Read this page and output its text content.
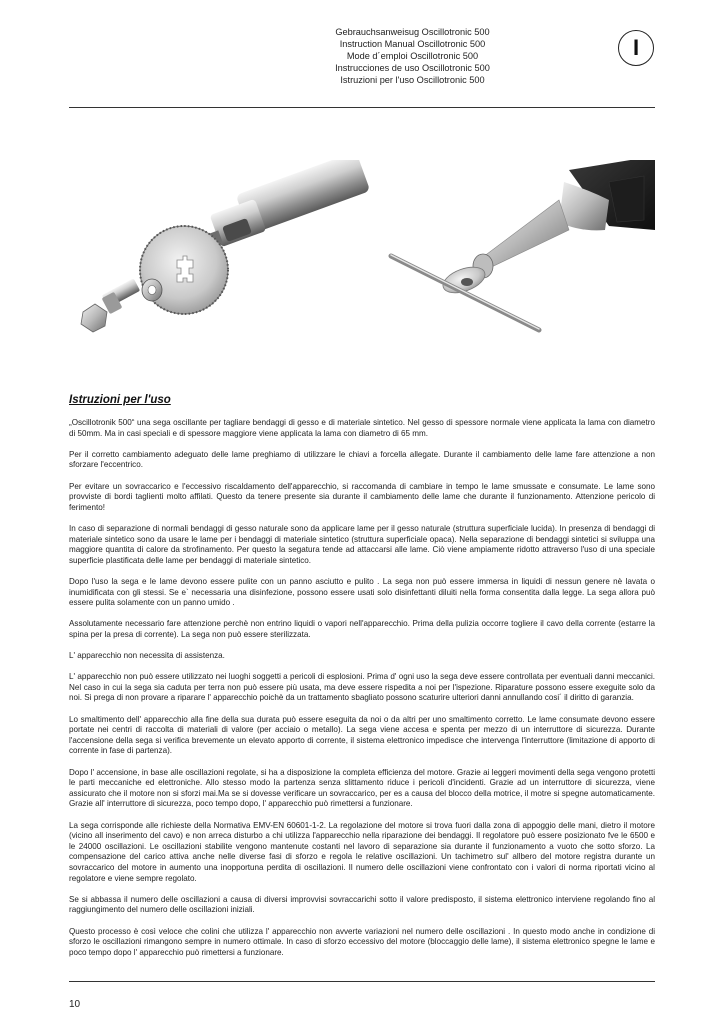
Gebrauchsanweisug Oscillotronic 500
Instruction Manual Oscillotronic 500
Mode d´emploi Oscillotronic 500
Instrucciones de uso Oscillotronic 500
Istruzioni per l'uso Oscillotronic 500
I
Istruzioni per l'uso

„Oscillotronik 500“ una sega oscillante per tagliare bendaggi di gesso e di materiale sintetico. Nel gesso di spessore normale viene applicata la lama con diametro di 50mm. Ma in casi speciali e di spessore maggiore viene applicata la lama con diametro di 65 mm.

Per il corretto cambiamento adeguato delle lame preghiamo di utilizzare le chiavi a forcella allegate. Durante il cambiamento delle lame fare attenzione a non sforzare l'eccentrico.

Per evitare un sovraccarico e l'eccessivo riscaldamento dell'apparecchio, si raccomanda di cambiare in tempo le lame smussate e consumate. Le lame sono provviste di bordi taglienti molto affilati. Questo da tenere presente sia durante il cambiamento delle lame che durante il funzionamento. Attenzione pericolo di ferimento!

In caso di separazione di normali bendaggi di gesso naturale sono da applicare lame per il gesso naturale (struttura superficiale lucida). In presenza di bendaggi di materiale sintetico sono da usare le lame per i bendaggi di materiale sintetico (struttura superficiale opaca). Nella separazione di bendaggi sintetici si sviluppa una maggiore quantita di calore da strofinamento. Per questo la segatura tende ad attaccarsi alle lame. Ciò viene ampiamente ridotto attraverso l'uso di una speciale superficie plastificata delle lame per bendaggi di materiale sintetico.

Dopo l'uso la sega e le lame devono essere pulite con un panno asciutto e pulito . La sega non può essere immersa in liquidi di nessun genere nè lavata o inumidificata con gli stessi. Se e` necessaria una disinfezione, possono essere usati solo disinfettanti diluiti nella forma consentita dalla legge. La sega allora può essere pulita solamente con un panno umido .

Assolutamente necessario fare attenzione perchè non entrino liquidi o vapori nell'apparecchio. Prima della pulizia occorre togliere il cavo della corrente (estarre la spina per la presa di corrente). La sega non può essere sterilizzata.

L' apparecchio non necessita di assistenza.

L' apparecchio non può essere utilizzato nei luoghi soggetti a pericoli di esplosioni. Prima d' ogni uso la sega deve essere controllata per eventuali danni meccanici. Nel caso in cui la sega sia caduta per terra non può essere più usata, ma deve essere rispedita a noi per l'ispezione. Riparature possono essere exeguite solo da noi. Si prega di non provare a riparare l' apparecchio poichè da un trattamento sbagliato possono scaturire ulteriori danni annullando cosi´ il diritto di garanzia.

Lo smaltimento dell' apparecchio alla fine della sua durata può essere eseguita da noi o da altri per uno smaltimento corretto. Le lame consumate devono essere portate nei centri di raccolta di materiali di valore (per acciaio o metallo). La sega viene accesa e spenta per mezzo di un interruttore di sicurezza. Durante l'accensione della sega si verifica brevemente un elevato apporto di corrente, il sistema elettronico impedisce che intervenga l'interruttore (limitazione di apporto di corrente in fase di partenza).

Dopo l' accensione, in base alle oscillazioni regolate, si ha a disposizione la completa efficienza del motore. Grazie ai leggeri movimenti della sega vengono protetti le parti meccaniche ed elettroniche. Allo stesso modo la partenza senza slittamento riduce i pericoli d'incidenti. Grazie ad un interruttore di sicurezza, viene assicurato che il motore non si sforzi mai.Ma se si dovesse verificare un sovraccarico, per es a causa del blocco della motrice, il motre si spegne automaticamente. Grazie all' interruttore di sicurezza, poco tempo dopo, l' apparecchio può rimettersi a funzionare.

La sega corrisponde alle richieste della Normativa EMV-EN 60601-1-2. La regolazione del motore si trova fuori dalla zona di appoggio delle mani, dietro il motore (vicino all inserimento del cavo) e non arreca disturbo a chi utilizza l'apparecchio nella riparazione dei bendaggi. Il regolatore può essere posizionato fve le 6500 e le 24000 oscillazioni. Le oscillazioni stabilite vengono mantenute costanti nel lavoro di separazione sia durante il funzionamento a vuoto che sotto sforzo. La compensazione del carico attiva anche nelle diverse fasi di sforzo e regola le relative oscillazioni. Un tachimetro sul' allbero del motore registra durante un sovraccarico del motore in aumento una inopportuna perdita di oscillazioni. Il numero delle oscillazioni viene confrontato con i valori di norma riportati vicino al regolatore e viene sempre regolato.

Se si abbassa il numero delle oscillazioni a causa di diversi improvvisi sovraccarichi sotto il valore predisposto, il sistema elettronico interviene regolando fino al raggiungimento del numero delle oscillazioni iniziali.

Questo processo è così veloce che colini che utilizza l' apparecchio non avverte variazioni nel numero delle oscillazioni . In questo modo anche in condizione di sforzo le oscillazioni rimangono sempre in numero ottimale. In caso di sforzo eccessivo del motore (bloccaggio delle lame), il sistema elettronico spegne le lame e poco tempo dopo l' apparecchio può rimettersi a funzionare.

10
